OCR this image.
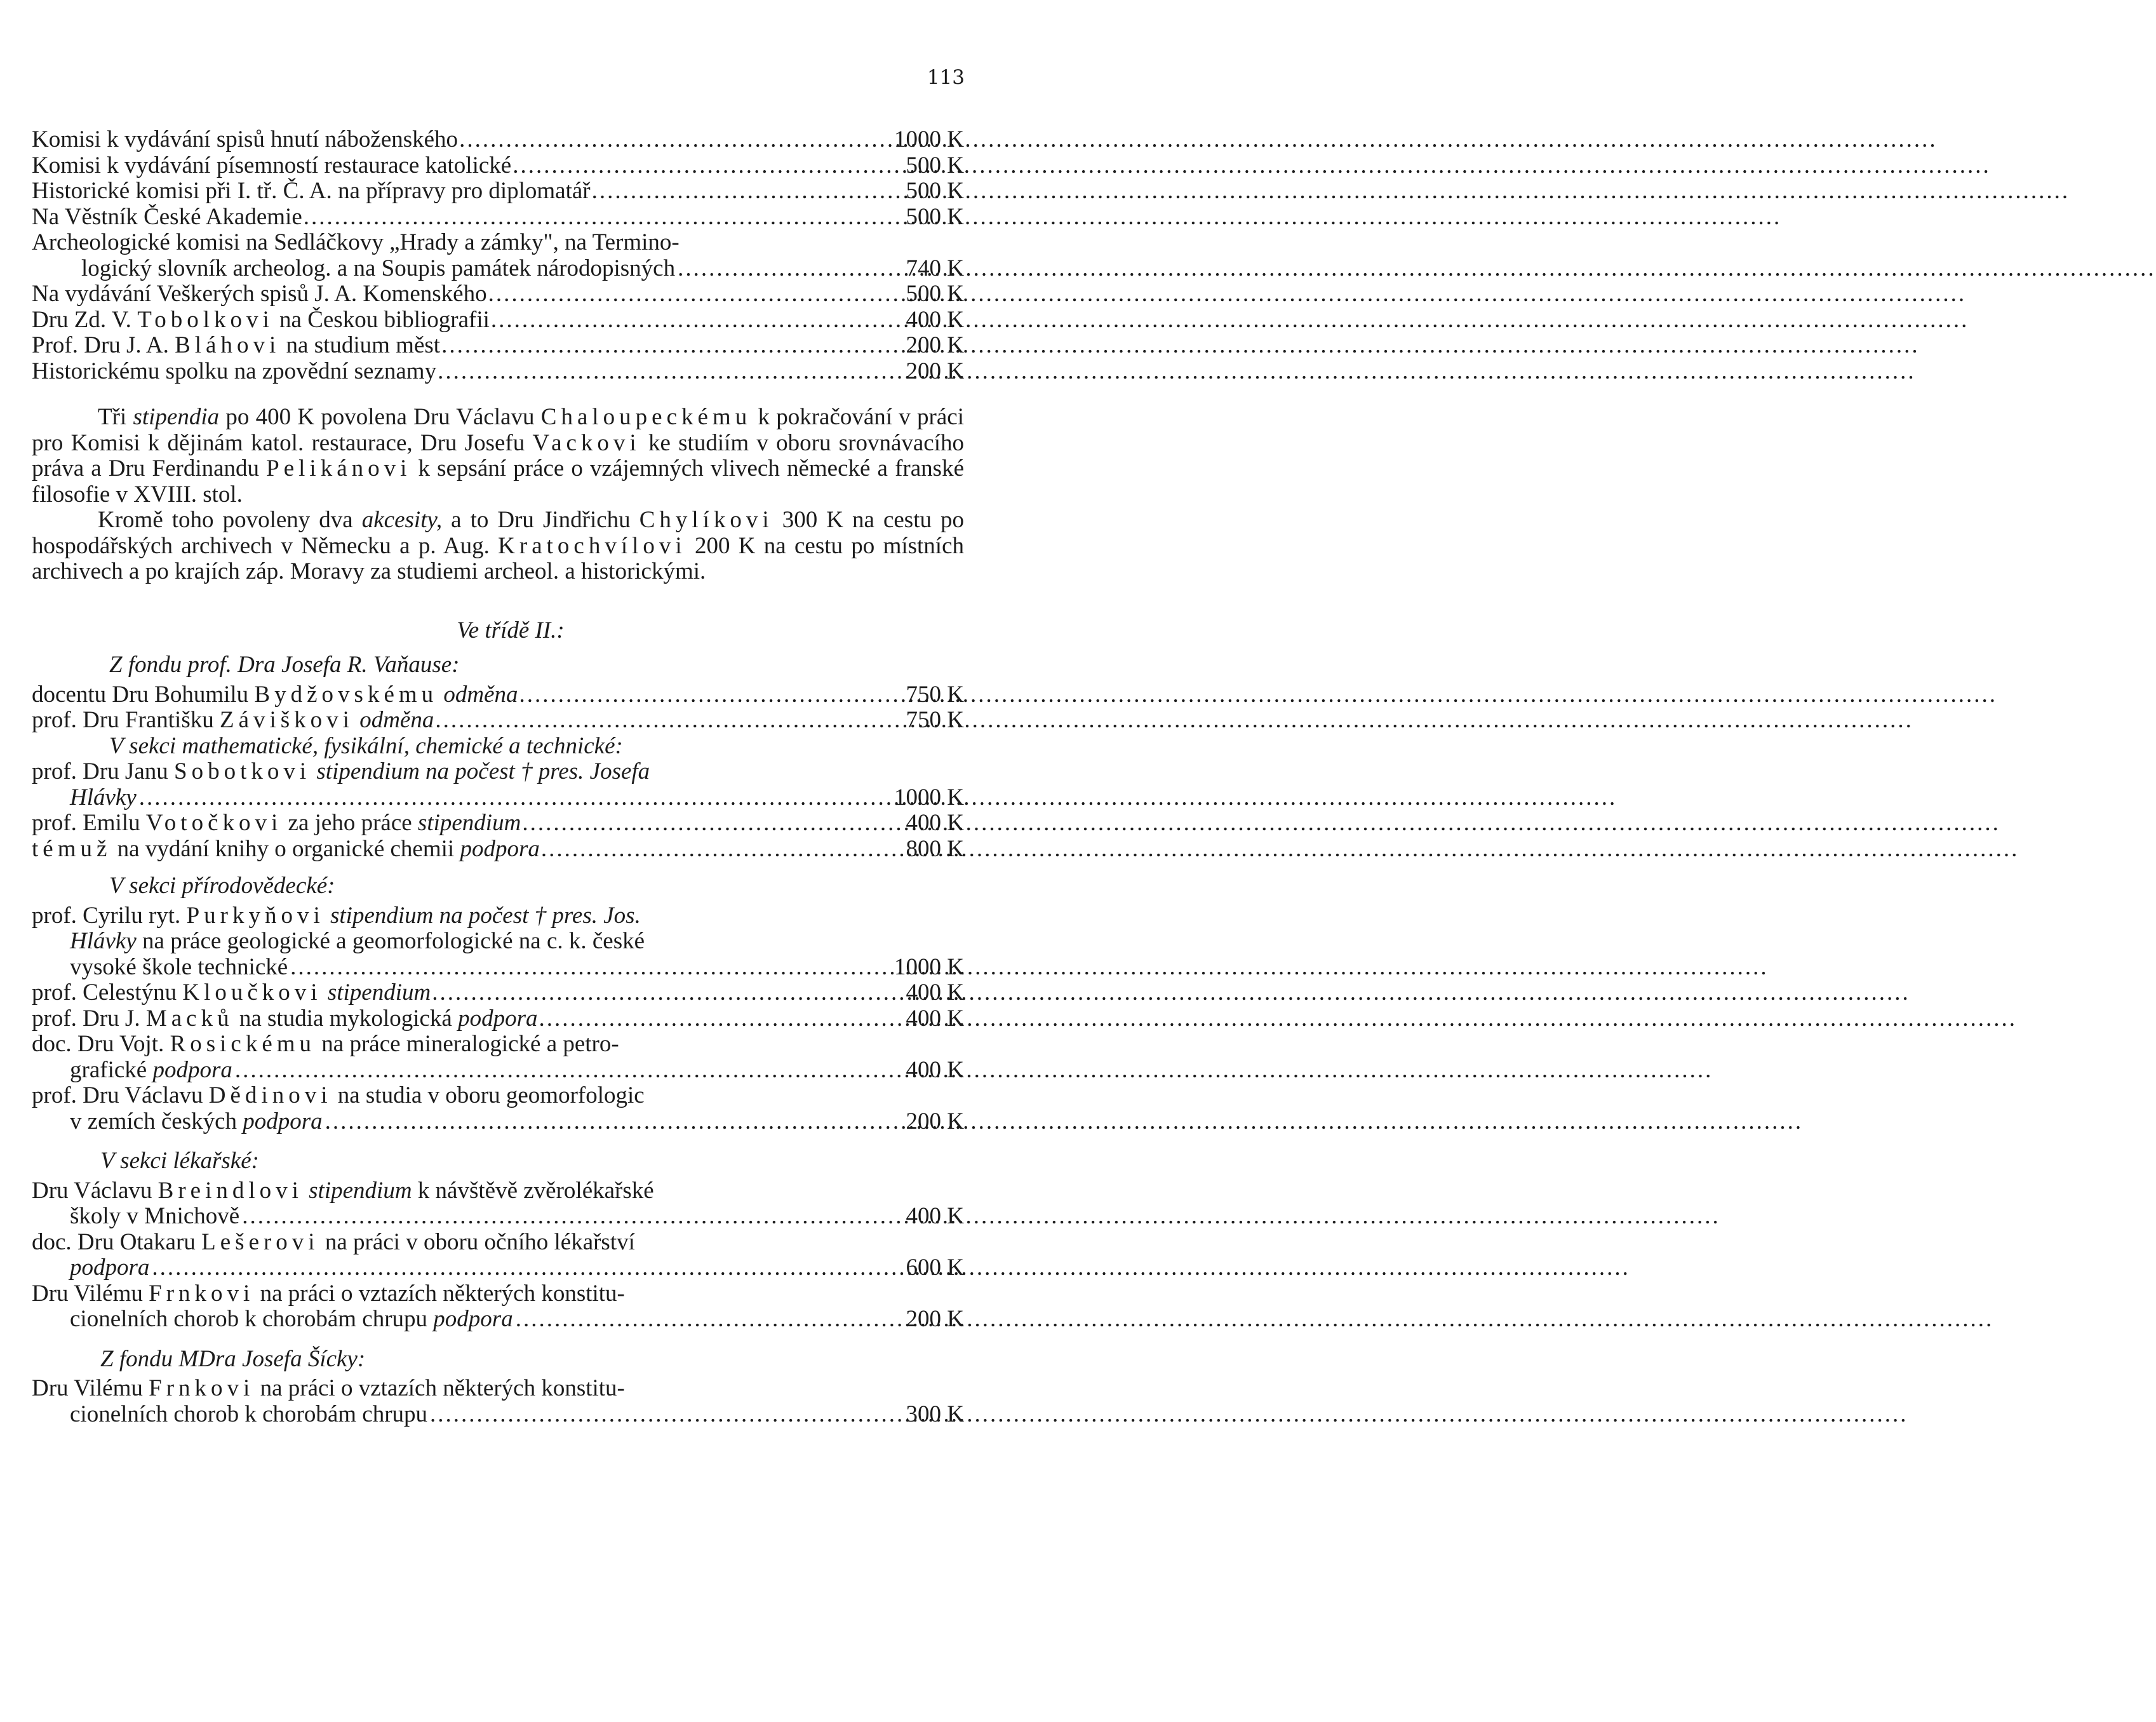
113
Komisi k vydávání spisů hnutí náboženského .....	1000 K
Komisi k vydávání písemností restaurace katolické .....	500 K
Historické komisi při I. tř. Č. A. na přípravy pro diplomatář .....	500 K
Na Věstník České Akademie .....	500 K
Archeologické komisi na Sedláčkovy „Hrady a zámky", na Termino-
logický slovník archeolog. a na Soupis památek národopisných .....	740 K
Na vydávání Veškerých spisů J. A. Komenského .....	500 K
Dru Zd. V. Tobolkovi na Českou bibliografii .....	400 K
Prof. Dru J. A. Bláhovi na studium měst .....	200 K
Historickému spolku na zpovědní seznamy .....	200 K

Tři stipendia po 400 K povolena Dru Václavu Chaloupeckému k pokračování v práci pro Komisi k dějinám katol. restaurace, Dru Josefu Vackovi ke studiím v oboru srovnávacího práva a Dru Ferdinandu Pelikánovi k sepsání práce o vzájemných vlivech německé a franské filosofie v XVIII. stol.

Kromě toho povoleny dva akcesity, a to Dru Jindřichu Chylíkovi 300 K na cestu po hospodářských archivech v Německu a p. Aug. Kratochvílovi 200 K na cestu po místních archivech a po krajích záp. Moravy za studiemi archeol. a historickými.

Ve třídě II.:

Z fondu prof. Dra Josefa R. Vaňause:

docentu Dru Bohumilu Bydžovskému odměna .....	750 K
prof. Dru Františku Záviškovi odměna .....	750 K

V sekci mathematické, fysikální, chemické a technické:

prof. Dru Janu Sobotkovi stipendium na počest † pres. Josefa
Hlávky .....	1000 K
prof. Emilu Votočkovi za jeho práce stipendium .....	400 K
témuž na vydání knihy o organické chemii podpora .....	800 K

V sekci přírodovědecké:

prof. Cyrilu ryt. Purkyňovi stipendium na počest † pres. Jos.
Hlávky na práce geologické a geomorfologické na c. k. české
vysoké škole technické .....	1000 K
prof. Celestýnu Kloučkovi stipendium .....	400 K
prof. Dru J. Macků na studia mykologická podpora .....	400 K
doc. Dru Vojt. Rosickému na práce mineralogické a petro-
grafické podpora .....	400 K
prof. Dru Václavu Dědinovi na studia v oboru geomorfologic
v zemích českých podpora .....	200 K

V sekci lékařské:

Dru Václavu Breindlovi stipendium k návštěvě zvěrolékařské
školy v Mnichově .....	400 K
doc. Dru Otakaru Lešerovi na práci v oboru očního lékařství
podpora .....	600 K
Dru Vilému Frnkovi na práci o vztazích některých konstitu-
cionelních chorob k chorobám chrupu podpora .....	200 K

Z fondu MDra Josefa Šícky:

Dru Vilému Frnkovi na práci o vztazích některých konstitu-
cionelních chorob k chorobám chrupu .....	300 K
